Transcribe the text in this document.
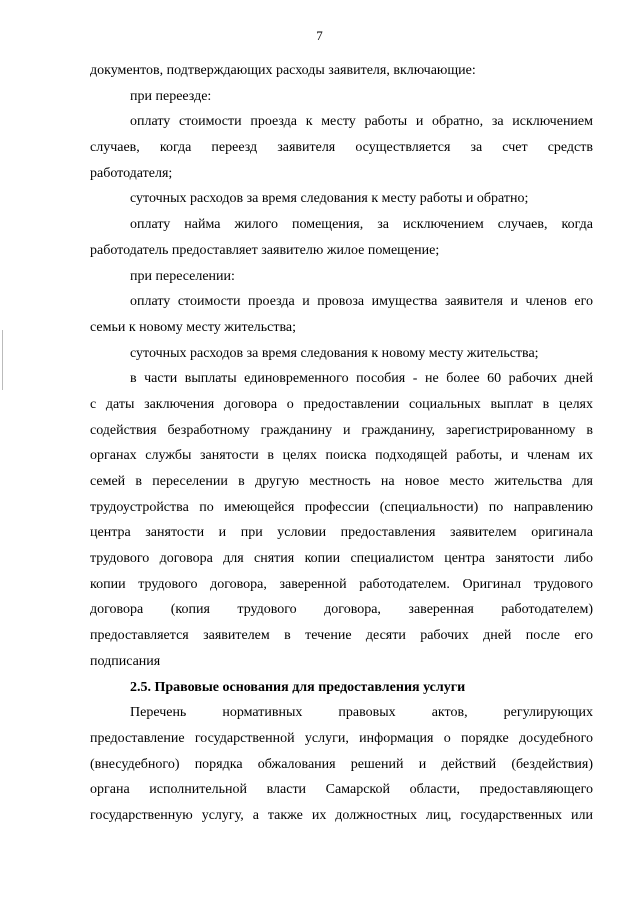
7
документов, подтверждающих расходы заявителя, включающие:
при переезде:
оплату стоимости проезда к месту работы и обратно, за исключением
случаев, когда переезд заявителя осуществляется за счет средств
работодателя;
суточных расходов за время следования к месту работы и обратно;
оплату найма жилого помещения, за исключением случаев, когда
работодатель предоставляет заявителю жилое помещение;
при переселении:
оплату стоимости проезда и провоза имущества заявителя и членов его
семьи к новому месту жительства;
суточных расходов за время следования к новому месту жительства;
в части выплаты единовременного пособия - не более 60 рабочих дней
с даты заключения договора о предоставлении социальных выплат в целях
содействия безработному гражданину и гражданину, зарегистрированному в
органах службы занятости в целях поиска подходящей работы, и членам их
семей в переселении в другую местность на новое место жительства для
трудоустройства по имеющейся профессии (специальности) по направлению
центра занятости и при условии предоставления заявителем оригинала
трудового договора для снятия копии специалистом центра занятости либо
копии трудового договора, заверенной работодателем. Оригинал трудового
договора (копия трудового договора, заверенная работодателем)
предоставляется заявителем в течение десяти рабочих дней после его
подписания
2.5. Правовые основания для предоставления услуги
Перечень нормативных правовых актов, регулирующих
предоставление государственной услуги, информация о порядке досудебного
(внесудебного) порядка обжалования решений и действий (бездействия)
органа исполнительной власти Самарской области, предоставляющего
государственную услугу, а также их должностных лиц, государственных или
